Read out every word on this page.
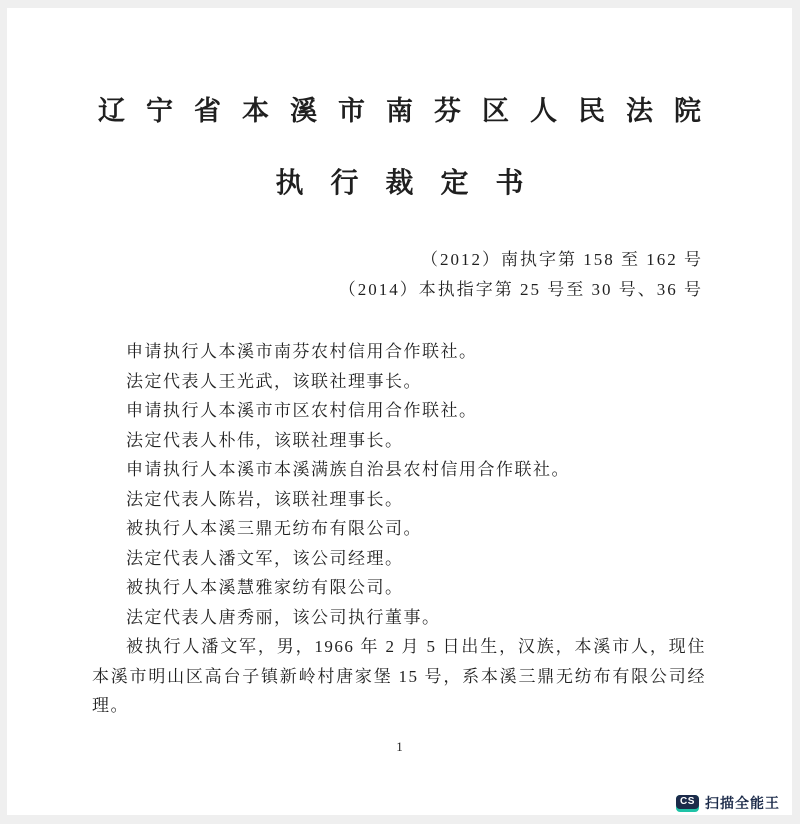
辽宁省本溪市南芬区人民法院
执行裁定书
（2012）南执字第 158 至 162 号
（2014）本执指字第 25 号至 30 号、36 号

申请执行人本溪市南芬农村信用合作联社。

法定代表人王光武，该联社理事长。

申请执行人本溪市市区农村信用合作联社。

法定代表人朴伟，该联社理事长。

申请执行人本溪市本溪满族自治县农村信用合作联社。

法定代表人陈岩，该联社理事长。

被执行人本溪三鼎无纺布有限公司。

法定代表人潘文军，该公司经理。

被执行人本溪慧雅家纺有限公司。

法定代表人唐秀丽，该公司执行董事。

被执行人潘文军，男，1966 年 2 月 5 日出生，汉族，本溪市人，现住本溪市明山区高台子镇新岭村唐家堡 15 号，系本溪三鼎无纺布有限公司经理。

1
CS 扫描全能王
